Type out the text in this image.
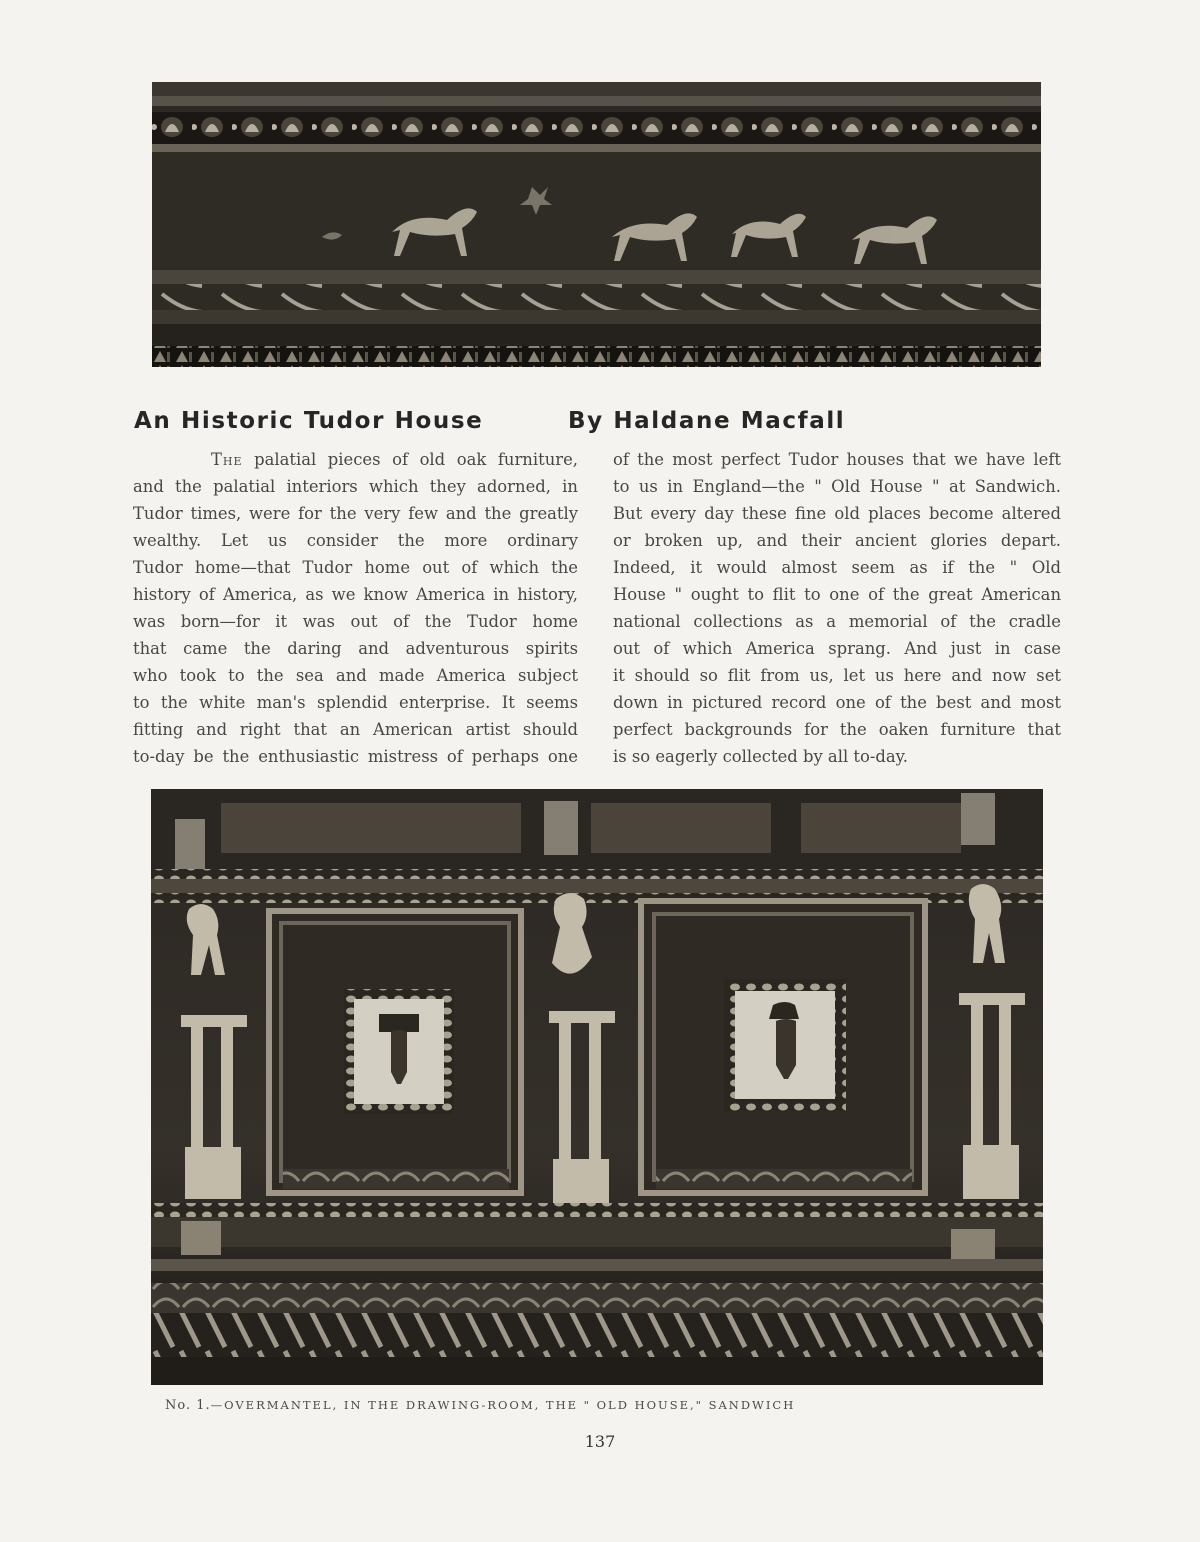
An Historic Tudor House	By Haldane Macfall
The palatial pieces of old oak furniture,
and the palatial interiors which they adorned, in
Tudor times, were for the very few and the greatly
wealthy. Let us consider the more ordinary
Tudor home—that Tudor home out of which the
history of America, as we know America in history,
was born—for it was out of the Tudor home
that came the daring and adventurous spirits
who took to the sea and made America subject
to the white man's splendid enterprise. It seems
fitting and right that an American artist should
to-day be the enthusiastic mistress of perhaps one
of the most perfect Tudor houses that we have left
to us in England—the " Old House " at Sandwich.
But every day these fine old places become altered
or broken up, and their ancient glories depart.
Indeed, it would almost seem as if the " Old
House " ought to flit to one of the great American
national collections as a memorial of the cradle
out of which America sprang. And just in case
it should so flit from us, let us here and now set
down in pictured record one of the best and most
perfect backgrounds for the oaken furniture that
is so eagerly collected by all to-day.
No. 1.—OVERMANTEL, IN THE DRAWING-ROOM, THE " OLD HOUSE," SANDWICH
137
